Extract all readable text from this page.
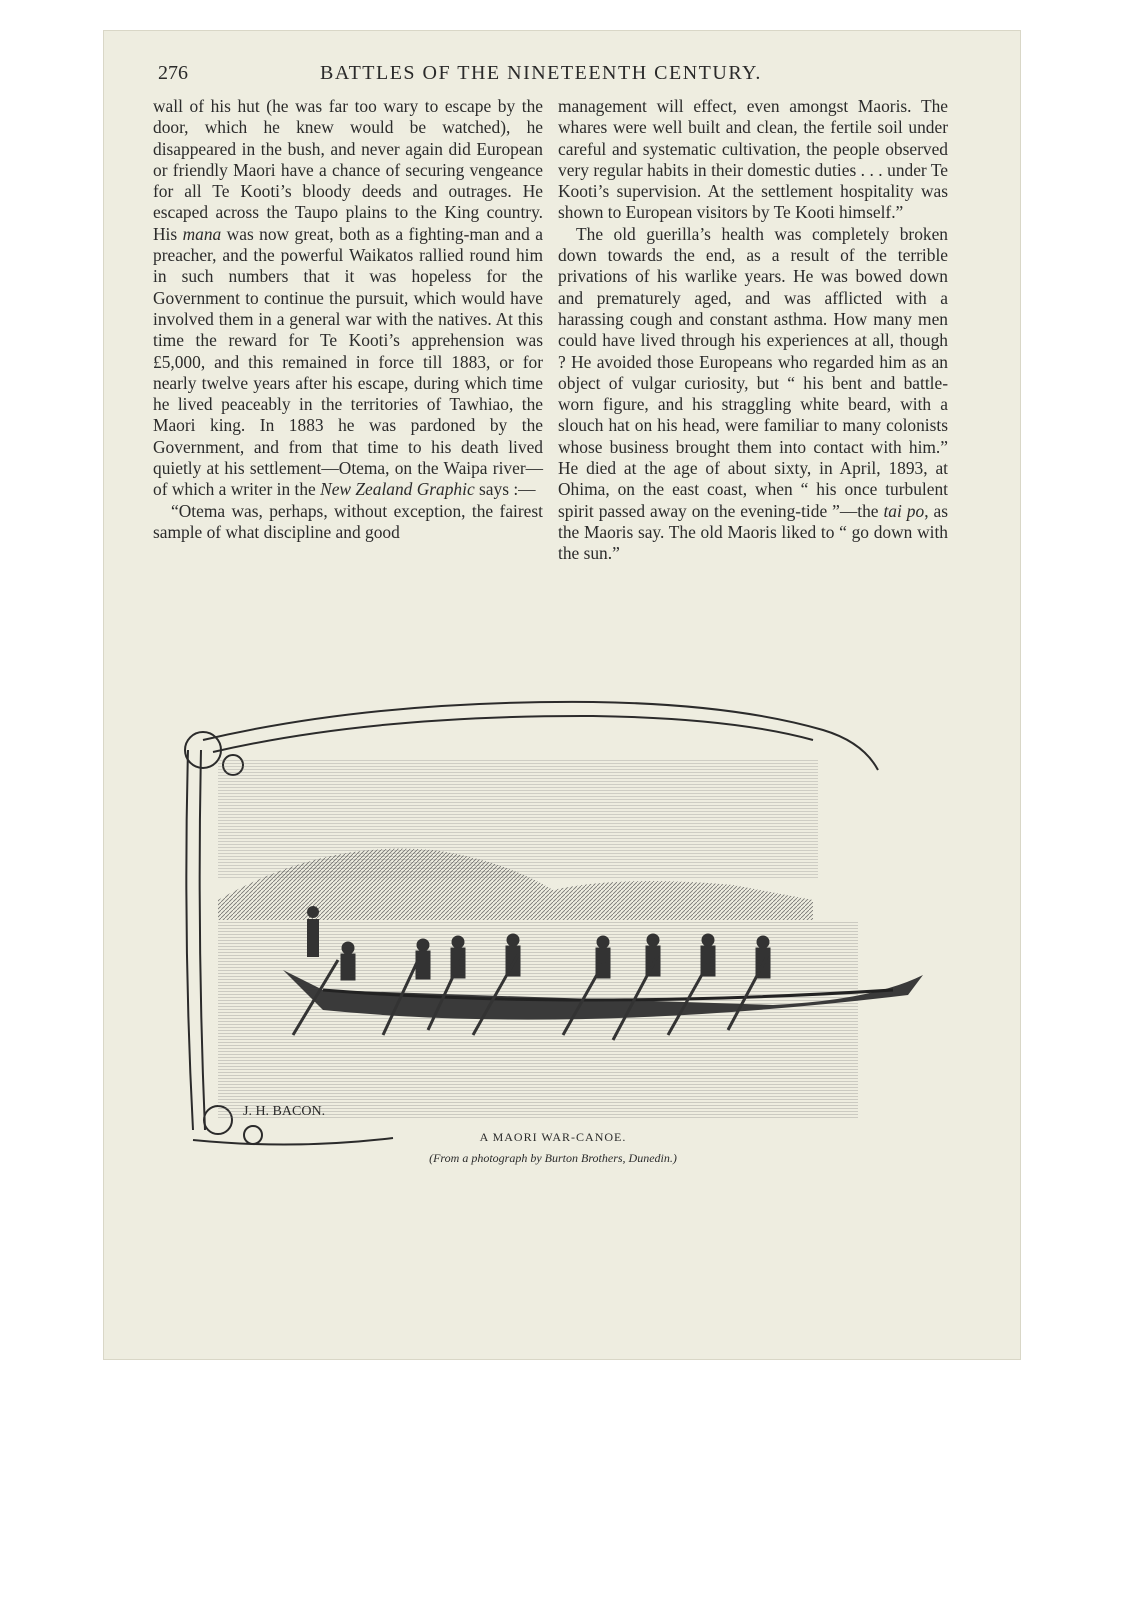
276	BATTLES OF THE NINETEENTH CENTURY.

wall of his hut (he was far too wary to escape by the door, which he knew would be watched), he disappeared in the bush, and never again did European or friendly Maori have a chance of securing vengeance for all Te Kooti’s bloody deeds and outrages. He escaped across the Taupo plains to the King country. His mana was now great, both as a fighting-man and a preacher, and the powerful Waikatos rallied round him in such numbers that it was hopeless for the Government to continue the pursuit, which would have involved them in a general war with the natives. At this time the reward for Te Kooti’s apprehension was £5,000, and this remained in force till 1883, or for nearly twelve years after his escape, during which time he lived peaceably in the territories of Tawhiao, the Maori king. In 1883 he was pardoned by the Government, and from that time to his death lived quietly at his settlement—Otema, on the Waipa river—of which a writer in the New Zealand Graphic says :—

“Otema was, perhaps, without exception, the fairest sample of what discipline and good

management will effect, even amongst Maoris. The whares were well built and clean, the fertile soil under careful and systematic cultivation, the people observed very regular habits in their domestic duties . . . under Te Kooti’s supervision. At the settlement hospitality was shown to European visitors by Te Kooti himself.”

The old guerilla’s health was completely broken down towards the end, as a result of the terrible privations of his warlike years. He was bowed down and prematurely aged, and was afflicted with a harassing cough and constant asthma. How many men could have lived through his experiences at all, though ? He avoided those Europeans who regarded him as an object of vulgar curiosity, but “ his bent and battle-worn figure, and his straggling white beard, with a slouch hat on his head, were familiar to many colonists whose business brought them into contact with him.” He died at the age of about sixty, in April, 1893, at Ohima, on the east coast, when “ his once turbulent spirit passed away on the evening-tide ”—the tai po, as the Maoris say. The old Maoris liked to “ go down with the sun.”

J. H. BACON.
A MAORI WAR-CANOE.
(From a photograph by Burton Brothers, Dunedin.)
